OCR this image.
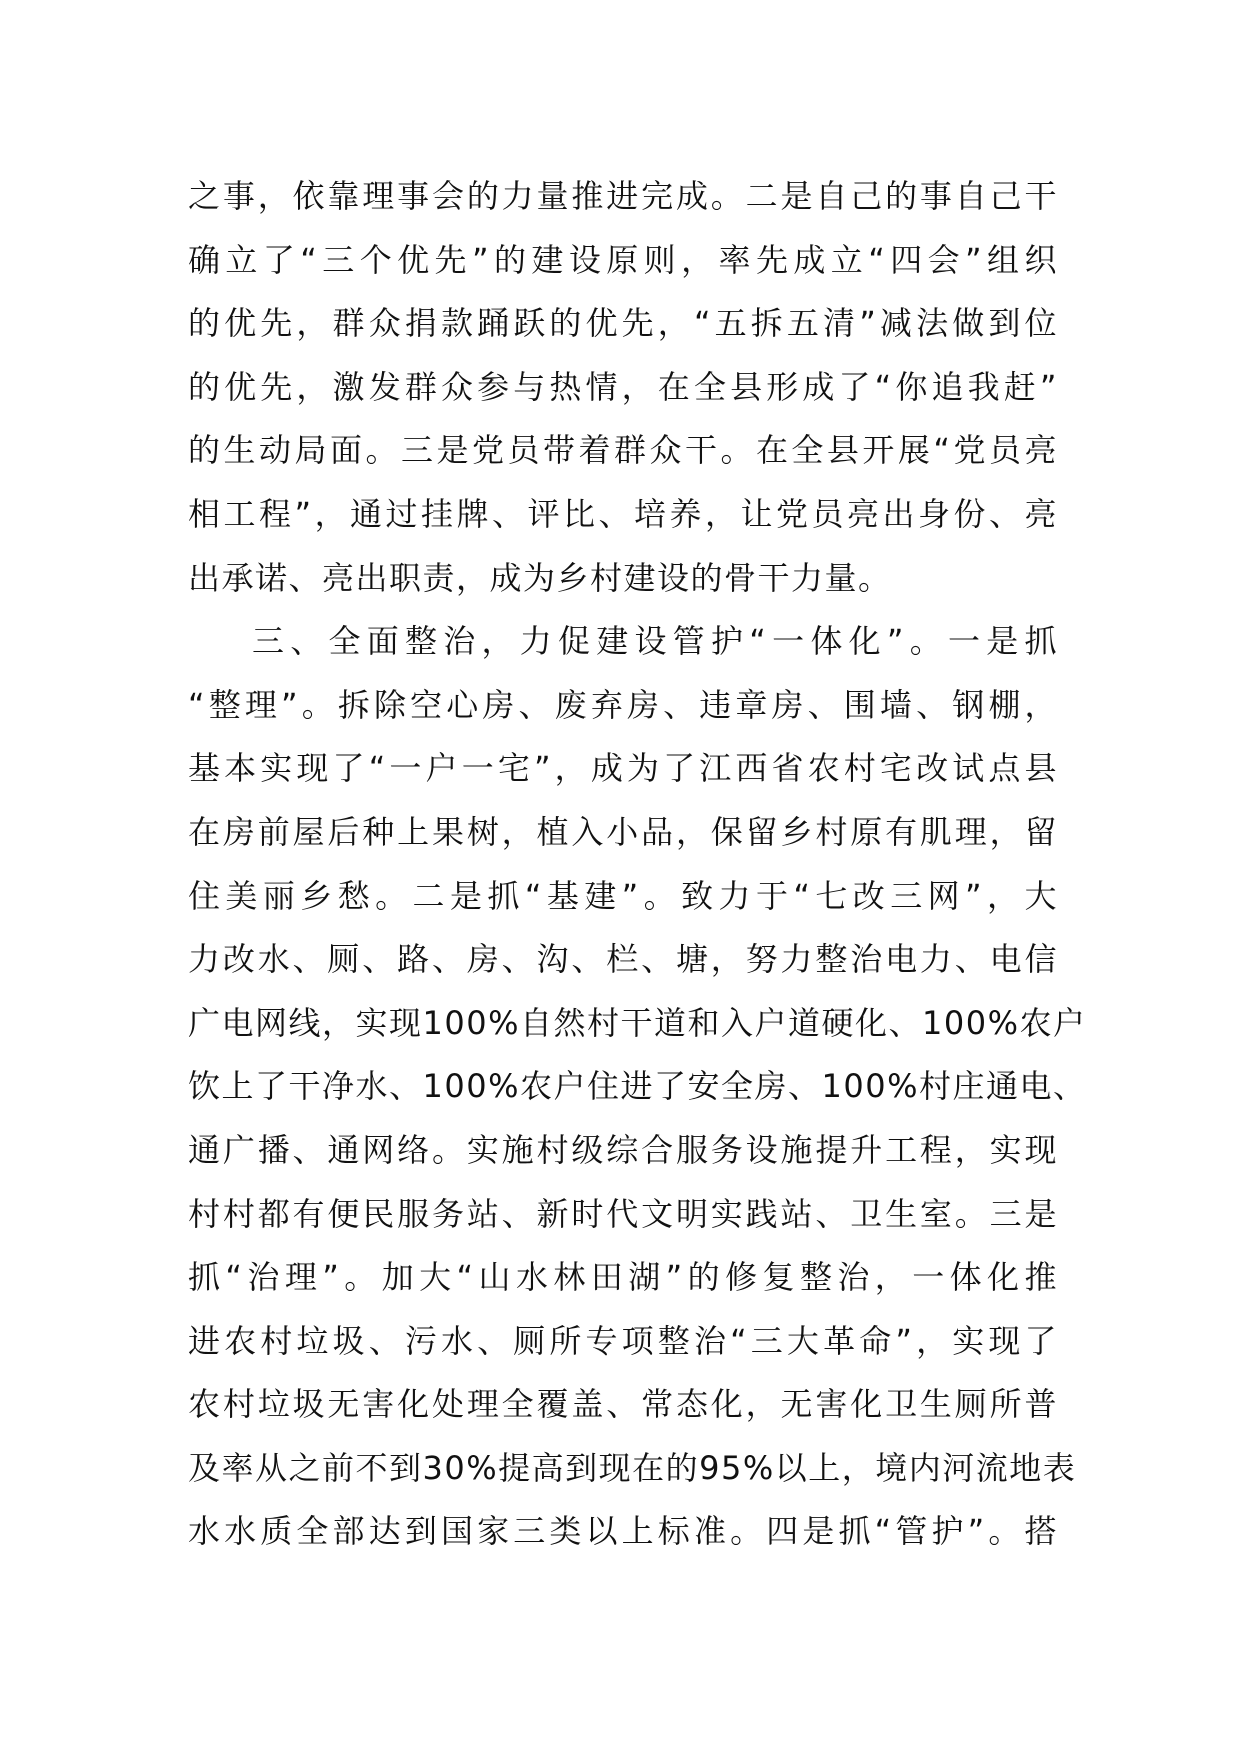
之事，依靠理事会的力量推进完成。二是自己的事自己干
确立了“三个优先”的建设原则，率先成立“四会”组织
的优先，群众捐款踊跃的优先，“五拆五清”减法做到位
的优先，激发群众参与热情，在全县形成了“你追我赶”
的生动局面。三是党员带着群众干。在全县开展“党员亮
相工程”，通过挂牌、评比、培养，让党员亮出身份、亮
出承诺、亮出职责，成为乡村建设的骨干力量。
三、全面整治，力促建设管护“一体化”。一是抓
“整理”。拆除空心房、废弃房、违章房、围墙、钢棚，
基本实现了“一户一宅”，成为了江西省农村宅改试点县
在房前屋后种上果树，植入小品，保留乡村原有肌理，留
住美丽乡愁。二是抓“基建”。致力于“七改三网”，大
力改水、厕、路、房、沟、栏、塘，努力整治电力、电信
广电网线，实现100%自然村干道和入户道硬化、100%农户
饮上了干净水、100%农户住进了安全房、100%村庄通电、
通广播、通网络。实施村级综合服务设施提升工程，实现
村村都有便民服务站、新时代文明实践站、卫生室。三是
抓“治理”。加大“山水林田湖”的修复整治，一体化推
进农村垃圾、污水、厕所专项整治“三大革命”，实现了
农村垃圾无害化处理全覆盖、常态化，无害化卫生厕所普
及率从之前不到30%提高到现在的95%以上，境内河流地表
水水质全部达到国家三类以上标准。四是抓“管护”。搭
